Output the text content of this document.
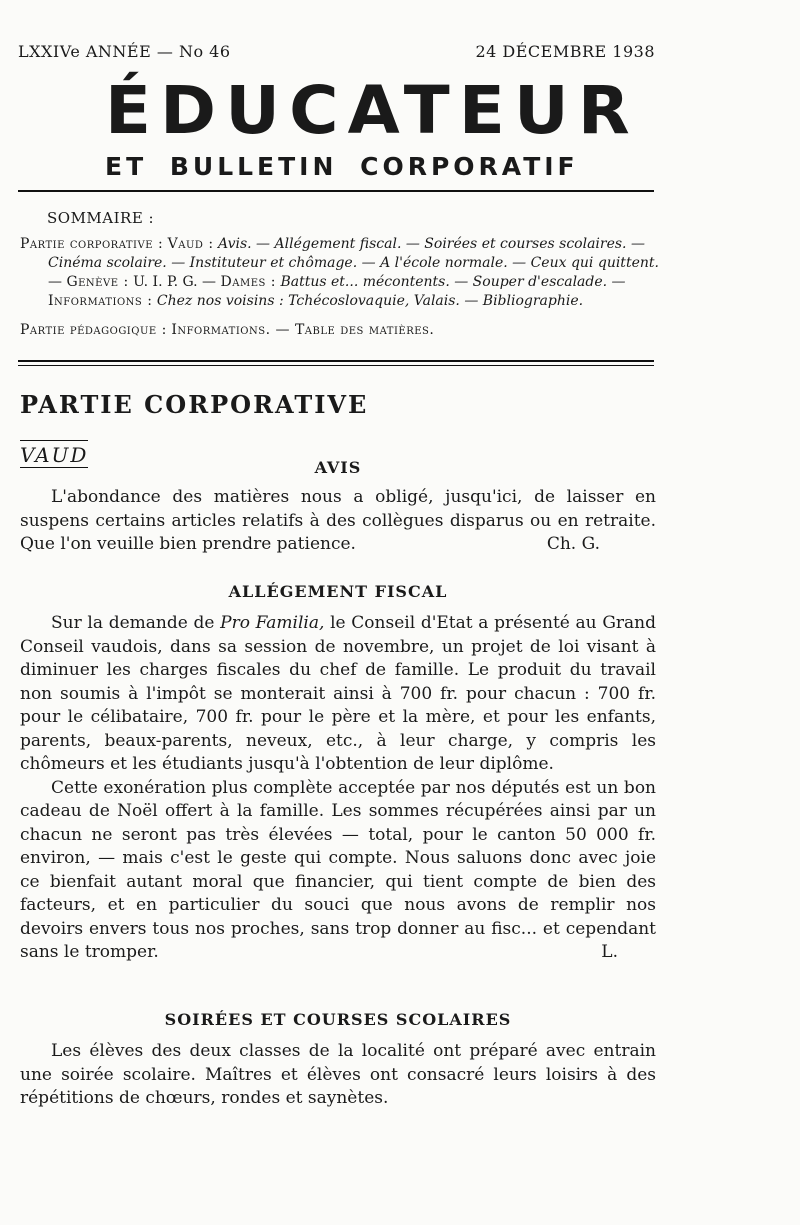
LXXIVe ANNÉE — No 46	24 DÉCEMBRE 1938
ÉDUCATEUR
ET BULLETIN CORPORATIF
SOMMAIRE :

Partie corporative : Vaud : Avis. — Allégement fiscal. — Soirées et courses scolaires. — Cinéma scolaire. — Instituteur et chômage. — A l'école normale. — Ceux qui quittent. — Genève : U. I. P. G. — Dames : Battus et... mécontents. — Souper d'escalade. — Informations : Chez nos voisins : Tchécoslovaquie, Valais. — Bibliographie.

Partie pédagogique : Informations. — Table des matières.

PARTIE CORPORATIVE
VAUD
AVIS

L'abondance des matières nous a obligé, jusqu'ici, de laisser en suspens certains articles relatifs à des collègues disparus ou en retraite. Que l'on veuille bien prendre patience.	Ch. G.

ALLÉGEMENT FISCAL

Sur la demande de Pro Familia, le Conseil d'Etat a présenté au Grand Conseil vaudois, dans sa session de novembre, un projet de loi visant à diminuer les charges fiscales du chef de famille. Le produit du travail non soumis à l'impôt se monterait ainsi à 700 fr. pour chacun : 700 fr. pour le célibataire, 700 fr. pour le père et la mère, et pour les enfants, parents, beaux-parents, neveux, etc., à leur charge, y compris les chômeurs et les étudiants jusqu'à l'obtention de leur diplôme.

Cette exonération plus complète acceptée par nos députés est un bon cadeau de Noël offert à la famille. Les sommes récupérées ainsi par un chacun ne seront pas très élevées — total, pour le canton 50 000 fr. environ, — mais c'est le geste qui compte. Nous saluons donc avec joie ce bienfait autant moral que financier, qui tient compte de bien des facteurs, et en particulier du souci que nous avons de remplir nos devoirs envers tous nos proches, sans trop donner au fisc... et cependant sans le tromper.	L.

SOIRÉES ET COURSES SCOLAIRES

Les élèves des deux classes de la localité ont préparé avec entrain une soirée scolaire. Maîtres et élèves ont consacré leurs loisirs à des répétitions de chœurs, rondes et saynètes.
